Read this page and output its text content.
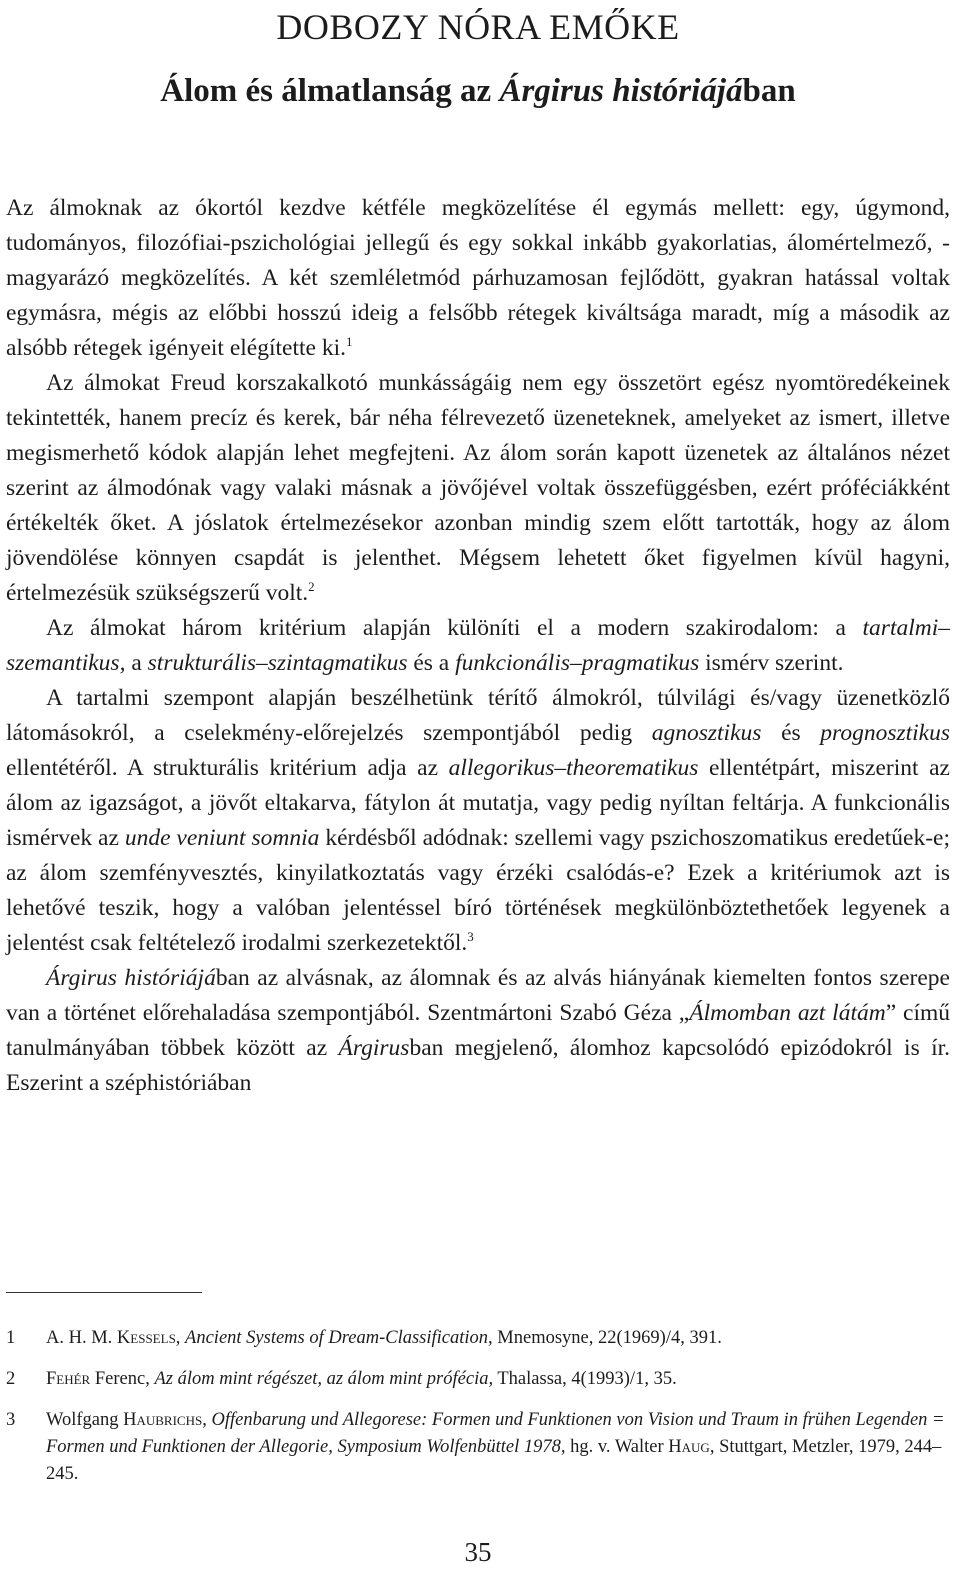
DOBOZY NÓRA EMŐKE
Álom és álmatlanság az Árgirus históriájában

Az álmoknak az ókortól kezdve kétféle megközelítése él egymás mellett: egy, úgymond, tudományos, filozófiai-pszichológiai jellegű és egy sokkal inkább gyakorlatias, álomértelmező, -magyarázó megközelítés. A két szemléletmód párhuzamosan fejlődött, gyakran hatással voltak egymásra, mégis az előbbi hosszú ideig a felsőbb rétegek kiváltsága maradt, míg a második az alsóbb rétegek igényeit elégítette ki.$^1$

Az álmokat Freud korszakalkotó munkásságáig nem egy összetört egész nyomtöredékeinek tekintették, hanem precíz és kerek, bár néha félrevezető üzeneteknek, amelyeket az ismert, illetve megismerhető kódok alapján lehet megfejteni. Az álom során kapott üzenetek az általános nézet szerint az álmodónak vagy valaki másnak a jövőjével voltak összefüggésben, ezért próféciákként értékelték őket. A jóslatok értelmezésekor azonban mindig szem előtt tartották, hogy az álom jövendölése könnyen csapdát is jelenthet. Mégsem lehetett őket figyelmen kívül hagyni, értelmezésük szükségszerű volt.$^2$

Az álmokat három kritérium alapján különíti el a modern szakirodalom: a tartalmi–szemantikus, a strukturális–szintagmatikus és a funkcionális–pragmatikus ismérv szerint.

A tartalmi szempont alapján beszélhetünk térítő álmokról, túlvilági és/vagy üzenetközlő látomásokról, a cselekmény-előrejelzés szempontjából pedig agnosztikus és prognosztikus ellentétéről. A strukturális kritérium adja az allegorikus–theorematikus ellentétpárt, miszerint az álom az igazságot, a jövőt eltakarva, fátylon át mutatja, vagy pedig nyíltan feltárja. A funkcionális ismérvek az unde veniunt somnia kérdésből adódnak: szellemi vagy pszichoszomatikus eredetűek-e; az álom szemfényvesztés, kinyilatkoztatás vagy érzéki csalódás-e? Ezek a kritériumok azt is lehetővé teszik, hogy a valóban jelentéssel bíró történések megkülönböztethetőek legyenek a jelentést csak feltételező irodalmi szerkezetektől.$^3$

Árgirus históriájában az alvásnak, az álomnak és az alvás hiányának kiemelten fontos szerepe van a történet előrehaladása szempontjából. Szentmártoni Szabó Géza „Álmomban azt látám” című tanulmányában többek között az Árgirusban megjelenő, álomhoz kapcsolódó epizódokról is ír. Eszerint a széphistóriában

1	A. H. M. Kessels, Ancient Systems of Dream-Classification, Mnemosyne, 22(1969)/4, 391.
2	Fehér Ferenc, Az álom mint régészet, az álom mint prófécia, Thalassa, 4(1993)/1, 35.
3	Wolfgang Haubrichs, Offenbarung und Allegorese: Formen und Funktionen von Vision und Traum in frühen Legenden = Formen und Funktionen der Allegorie, Symposium Wolfenbüttel 1978, hg. v. Walter Haug, Stuttgart, Metzler, 1979, 244–245.
35
